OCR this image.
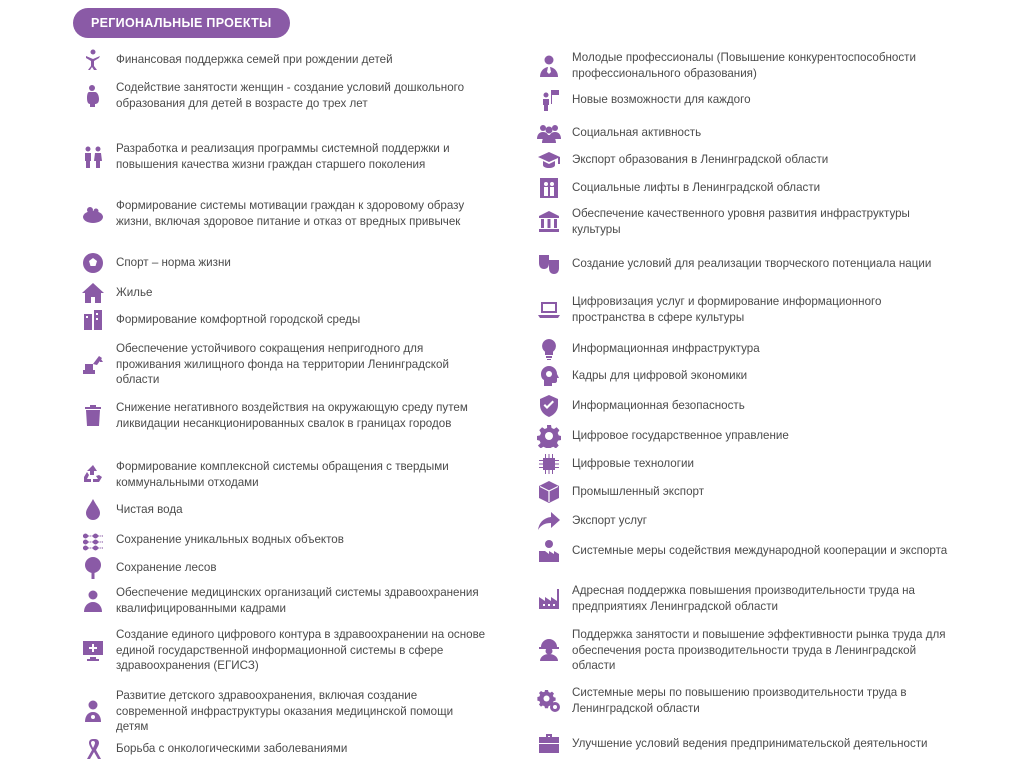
РЕГИОНАЛЬНЫЕ ПРОЕКТЫ
Финансовая поддержка семей при рождении детей
Содействие занятости женщин - создание условий дошкольного образования для детей в возрасте до трех лет
Разработка и реализация программы системной поддержки и повышения качества жизни граждан старшего поколения
Формирование системы мотивации граждан к здоровому образу жизни, включая здоровое питание и отказ от вредных привычек
Спорт – норма жизни
Жилье
Формирование комфортной городской среды
Обеспечение устойчивого сокращения непригодного для проживания жилищного фонда на территории Ленинградской области
Снижение негативного воздействия на окружающую среду путем ликвидации несанкционированных свалок в границах городов
Формирование комплексной системы обращения с твердыми коммунальными отходами
Чистая вода
Сохранение уникальных водных объектов
Сохранение лесов
Обеспечение медицинских организаций системы здравоохранения квалифицированными кадрами
Создание единого цифрового контура в здравоохранении на основе единой государственной информационной системы в сфере здравоохранения (ЕГИСЗ)
Развитие детского здравоохранения, включая создание современной инфраструктуры оказания медицинской помощи детям
Борьба с онкологическими заболеваниями
Молодые профессионалы (Повышение конкурентоспособности профессионального образования)
Новые возможности для каждого
Социальная активность
Экспорт образования в Ленинградской области
Социальные лифты в Ленинградской области
Обеспечение качественного уровня развития инфраструктуры культуры
Создание условий для реализации творческого потенциала нации
Цифровизация услуг и формирование информационного пространства в сфере культуры
Информационная инфраструктура
Кадры для цифровой экономики
Информационная безопасность
Цифровое государственное управление
Цифровые технологии
Промышленный экспорт
Экспорт услуг
Системные меры содействия международной кооперации и экспорта
Адресная поддержка повышения производительности труда на предприятиях Ленинградской области
Поддержка занятости и повышение эффективности рынка труда для обеспечения роста производительности труда в Ленинградской области
Системные меры по повышению производительности труда в Ленинградской области
Улучшение условий ведения предпринимательской деятельности
